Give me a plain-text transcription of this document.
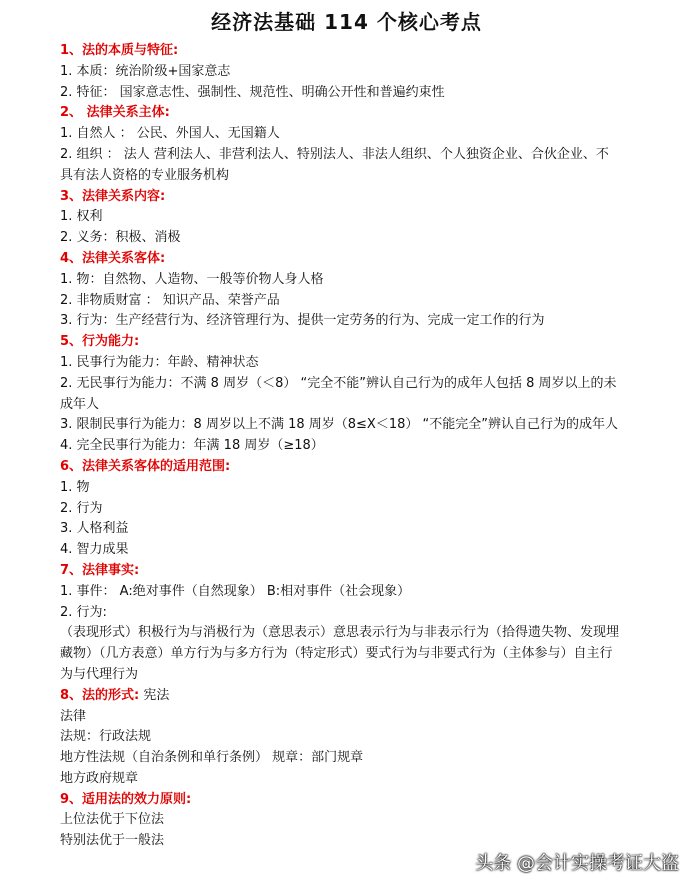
经济法基础 114 个核心考点
1、法的本质与特征:
1. 本质：统治阶级+国家意志
2. 特征： 国家意志性、强制性、规范性、明确公开性和普遍约束性
2、 法律关系主体:
1. 自然人 ： 公民、外国人、无国籍人
2. 组织 ： 法人 营利法人、非营利法人、特别法人、非法人组织、个人独资企业、合伙企业、不具有法人资格的专业服务机构
3、法律关系内容:
1. 权利
2. 义务：积极、消极
4、法律关系客体:
1. 物：自然物、人造物、一般等价物人身人格
2. 非物质财富 ： 知识产品、荣誉产品
3. 行为：生产经营行为、经济管理行为、提供一定劳务的行为、完成一定工作的行为
5、行为能力:
1. 民事行为能力：年龄、精神状态
2. 无民事行为能力：不满 8 周岁（＜8） “完全不能”辨认自己行为的成年人包括 8 周岁以上的未成年人
3. 限制民事行为能力：8 周岁以上不满 18 周岁（8≤X＜18） “不能完全”辨认自己行为的成年人
4. 完全民事行为能力：年满 18 周岁（≥18）
6、法律关系客体的适用范围:
1. 物
2. 行为
3. 人格利益
4. 智力成果
7、法律事实:
1. 事件： A:绝对事件（自然现象） B:相对事件（社会现象）
2. 行为:
（表现形式）积极行为与消极行为（意思表示）意思表示行为与非表示行为（拾得遗失物、发现埋藏物）（几方表意）单方行为与多方行为（特定形式）要式行为与非要式行为（主体参与）自主行为与代理行为
8、法的形式: 宪法
法律
法规：行政法规
地方性法规（自治条例和单行条例） 规章：部门规章
地方政府规章
9、适用法的效力原则:
上位法优于下位法
特别法优于一般法
头条 @会计实操考证大盗
